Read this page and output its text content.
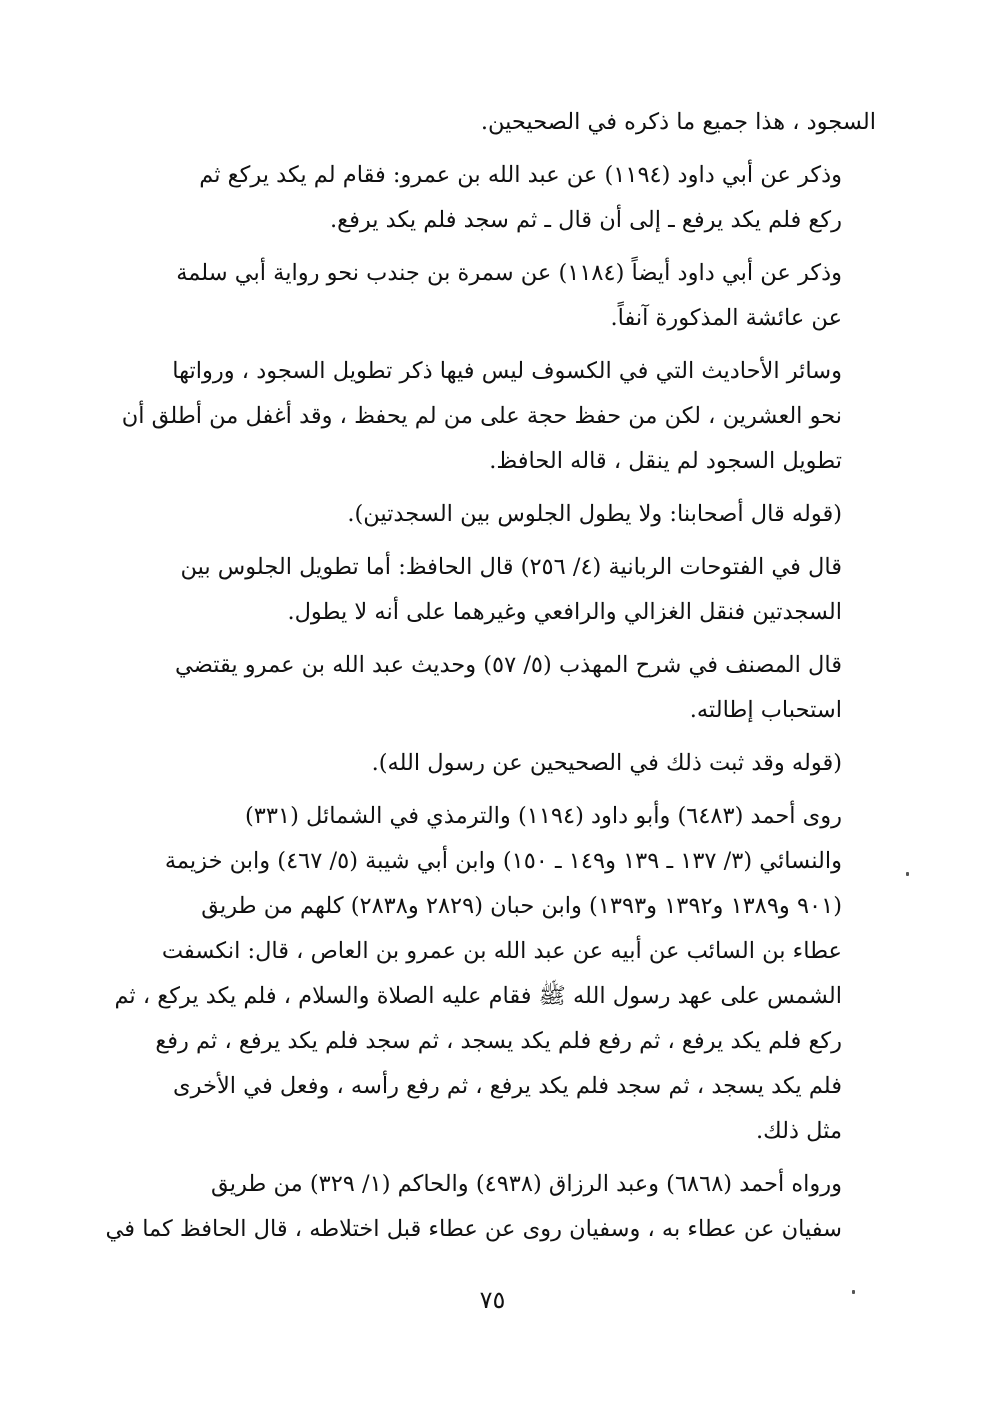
السجود ، هذا جميع ما ذكره في الصحيحين.
وذكر عن أبي داود (١١٩٤) عن عبد الله بن عمرو: فقام لم يكد يركع ثم
ركع فلم يكد يرفع ـ إلى أن قال ـ ثم سجد فلم يكد يرفع.
وذكر عن أبي داود أيضاً (١١٨٤) عن سمرة بن جندب نحو رواية أبي سلمة
عن عائشة المذكورة آنفاً.
وسائر الأحاديث التي في الكسوف ليس فيها ذكر تطويل السجود ، ورواتها
نحو العشرين ، لكن من حفظ حجة على من لم يحفظ ، وقد أغفل من أطلق أن
تطويل السجود لم ينقل ، قاله الحافظ.
(قوله قال أصحابنا: ولا يطول الجلوس بين السجدتين).
قال في الفتوحات الربانية (٤/ ٢٥٦) قال الحافظ: أما تطويل الجلوس بين
السجدتين فنقل الغزالي والرافعي وغيرهما على أنه لا يطول.
قال المصنف في شرح المهذب (٥/ ٥٧) وحديث عبد الله بن عمرو يقتضي
استحباب إطالته.
(قوله وقد ثبت ذلك في الصحيحين عن رسول الله).
روى أحمد (٦٤٨٣) وأبو داود (١١٩٤) والترمذي في الشمائل (٣٣١)
والنسائي (٣/ ١٣٧ ـ ١٣٩ و١٤٩ ـ ١٥٠) وابن أبي شيبة (٥/ ٤٦٧) وابن خزيمة
(٩٠١ و١٣٨٩ و١٣٩٢ و١٣٩٣) وابن حبان (٢٨٢٩ و٢٨٣٨) كلهم من طريق
عطاء بن السائب عن أبيه عن عبد الله بن عمرو بن العاص ، قال: انكسفت
الشمس على عهد رسول الله ﷺ فقام عليه الصلاة والسلام ، فلم يكد يركع ، ثم
ركع فلم يكد يرفع ، ثم رفع فلم يكد يسجد ، ثم سجد فلم يكد يرفع ، ثم رفع
فلم يكد يسجد ، ثم سجد فلم يكد يرفع ، ثم رفع رأسه ، وفعل في الأخرى
مثل ذلك.
ورواه أحمد (٦٨٦٨) وعبد الرزاق (٤٩٣٨) والحاكم (١/ ٣٢٩) من طريق
سفيان عن عطاء به ، وسفيان روى عن عطاء قبل اختلاطه ، قال الحافظ كما في
٧٥
